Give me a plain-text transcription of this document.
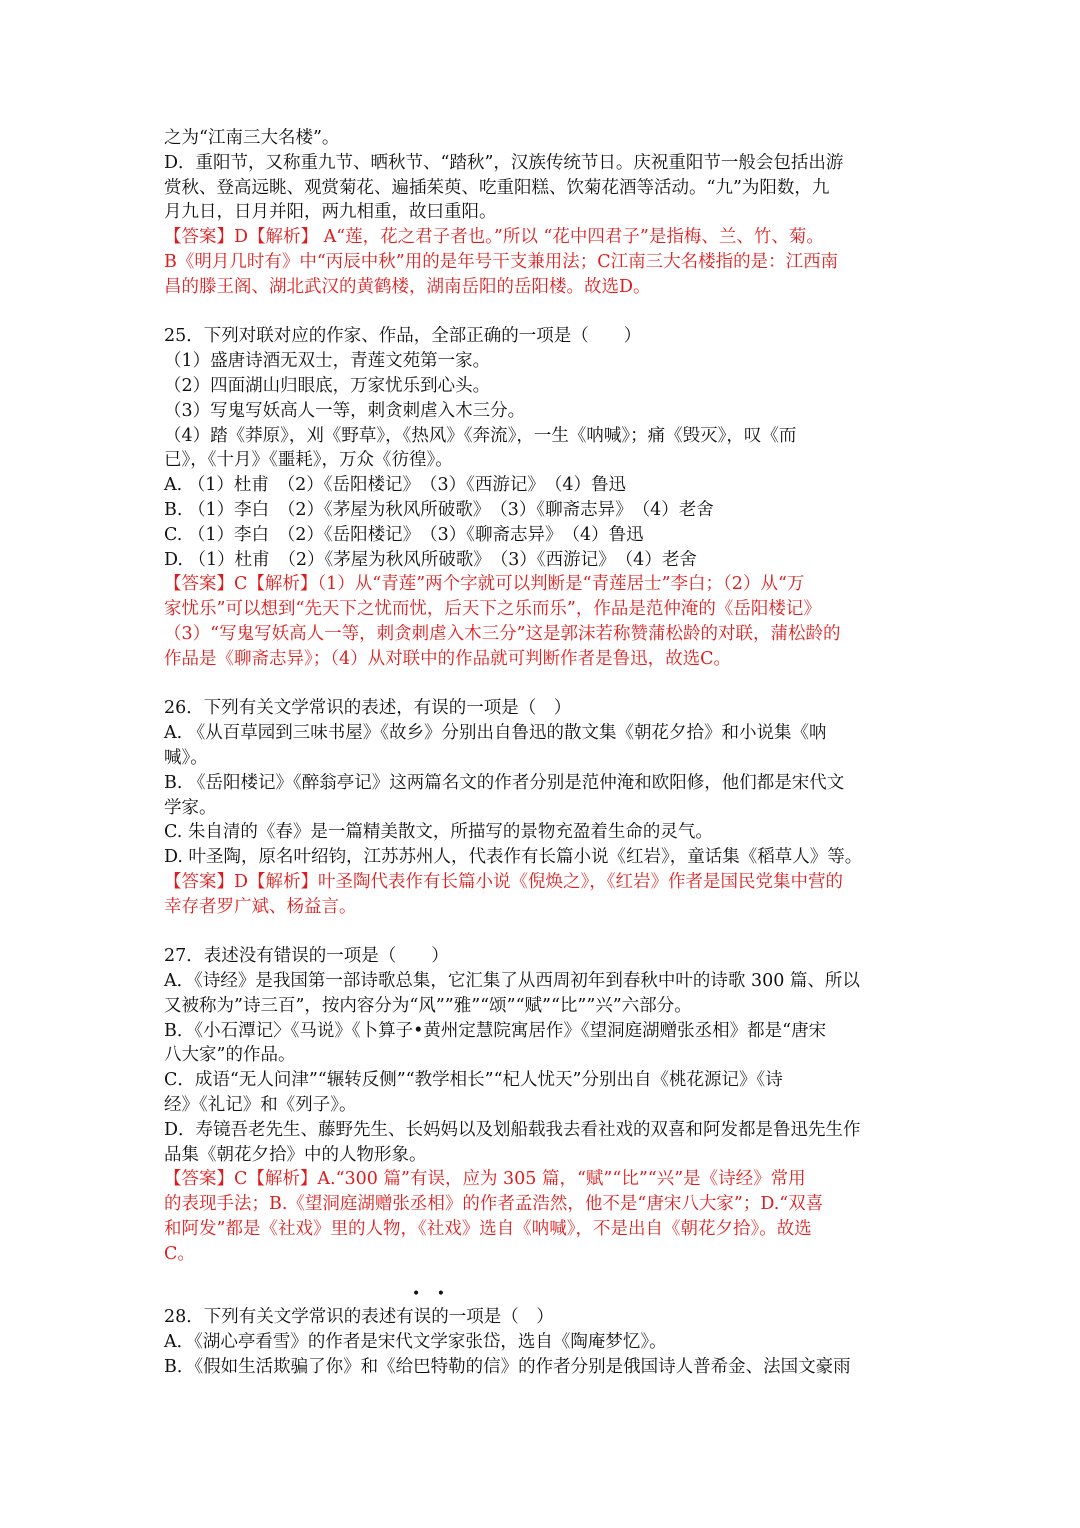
之为“江南三大名楼”。
D．重阳节，又称重九节、晒秋节、“踏秋”，汉族传统节日。庆祝重阳节一般会包括出游
赏秋、登高远眺、观赏菊花、遍插茱萸、吃重阳糕、饮菊花酒等活动。“九”为阳数，九
月九日，日月并阳，两九相重，故曰重阳。
【答案】D【解析】 A“莲，花之君子者也。”所以 “花中四君子”是指梅、兰、竹、菊。
B《明月几时有》中“丙辰中秋”用的是年号干支兼用法；C江南三大名楼指的是：江西南
昌的滕王阁、湖北武汉的黄鹤楼，湖南岳阳的岳阳楼。故选D。
25．下列对联对应的作家、作品，全部正确的一项是（　　）
（1）盛唐诗酒无双士，青莲文苑第一家。
（2）四面湖山归眼底，万家忧乐到心头。
（3）写鬼写妖高人一等，刺贪刺虐入木三分。
（4）踏《莽原》，刈《野草》，《热风》《奔流》，一生《呐喊》；痛《毁灭》，叹《而
已》，《十月》《噩耗》，万众《彷徨》。
A. （1）杜甫　（2）《岳阳楼记》　（3）《西游记》　（4）鲁迅
B. （1）李白　（2）《茅屋为秋风所破歌》　（3）《聊斋志异》　（4）老舍
C. （1）李白　（2）《岳阳楼记》　（3）《聊斋志异》　（4）鲁迅
D. （1）杜甫　（2）《茅屋为秋风所破歌》　（3）《西游记》　（4）老舍
【答案】C【解析】（1）从“青莲”两个字就可以判断是“青莲居士”李白；（2）从“万
家忧乐”可以想到“先天下之忧而忧，后天下之乐而乐”，作品是范仲淹的《岳阳楼记》
（3）“写鬼写妖高人一等，刺贪刺虐入木三分”这是郭沫若称赞蒲松龄的对联，蒲松龄的
作品是《聊斋志异》；（4）从对联中的作品就可判断作者是鲁迅，故选C。
26．下列有关文学常识的表述，有误的一项是（　）
A. 《从百草园到三味书屋》《故乡》分别出自鲁迅的散文集《朝花夕拾》和小说集《呐
喊》。
B. 《岳阳楼记》《醉翁亭记》这两篇名文的作者分别是范仲淹和欧阳修，他们都是宋代文
学家。
C. 朱自清的《春》是一篇精美散文，所描写的景物充盈着生命的灵气。
D. 叶圣陶，原名叶绍钧，江苏苏州人，代表作有长篇小说《红岩》，童话集《稻草人》等。
【答案】D【解析】叶圣陶代表作有长篇小说《倪焕之》，《红岩》作者是国民党集中营的
幸存者罗广斌、杨益言。
27．表述没有错误的一项是（　　）
A．《诗经》是我国第一部诗歌总集，它汇集了从西周初年到春秋中叶的诗歌 300 篇、所以
又被称为”诗三百”，按内容分为“风””雅”“颂”“赋”“比””兴”六部分。
B．《小石潭记〉《马说》《卜算子•黄州定慧院寓居作》《望洞庭湖赠张丞相》都是“唐宋
八大家”的作品。
C．成语“无人问津”“辗转反侧”“教学相长”“杞人忧天”分别出自《桃花源记》《诗
经》《礼记》和《列子》。
D．寿镜吾老先生、藤野先生、长妈妈以及划船载我去看社戏的双喜和阿发都是鲁迅先生作
品集《朝花夕拾》中的人物形象。
【答案】C【解析】A.“300 篇”有误，应为 305 篇，“赋”“比”“兴”是《诗经》常用
的表现手法；B.《望洞庭湖赠张丞相》的作者孟浩然，他不是“唐宋八大家”；D.“双喜
和阿发”都是《社戏》里的人物，《社戏》选自《呐喊》，不是出自《朝花夕拾》。故选
C。
28．下列有关文学常识的表述有误的一项是（　）
A．《湖心亭看雪》的作者是宋代文学家张岱，选自《陶庵梦忆》。
B．《假如生活欺骗了你》和《给巴特勒的信》的作者分别是俄国诗人普希金、法国文豪雨
• •
